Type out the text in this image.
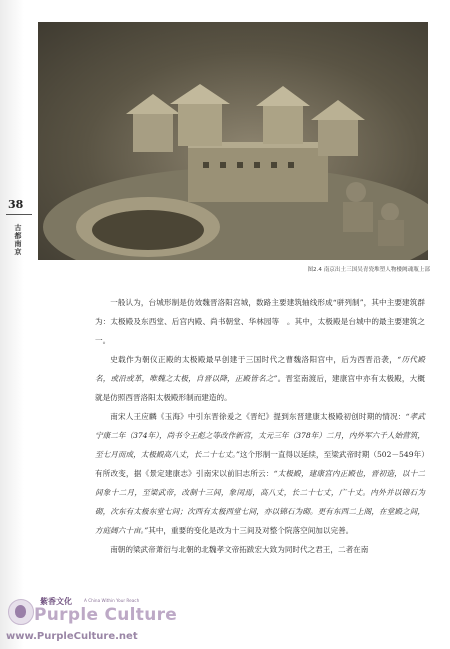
38
古都南京
图2.4 南京出土三国吴青瓷堆塑人物楼阙魂瓶上部

一般认为，台城形制是仿效魏晋洛阳宫城，数路主要建筑轴线形成“骈列制”，其中主要建筑群为：太极殿及东西堂、后宫内殿、尚书朝堂、华林园等　。其中，太极殿是台城中的最主要建筑之一。

史载作为朝仪正殿的太极殿最早创建于三国时代之曹魏洛阳宫中，后为西晋沿袭，“历代殿名，或沿或革，唯魏之太极，自晋以降，正殿皆名之”。晋室南渡后，建康宫中亦有太极殿，大概就是仿照西晋洛阳太极殿形制而建造的。

南宋人王应麟《玉海》中引东晋徐爰之《晋纪》提到东晋建康太极殿初创时期的情况：“孝武宁康二年（374年），尚书令王彪之等改作新宫，太元三年（378年）二月，内外军六千人始营筑，至七月而成，太极殿高八丈，长二十七丈。”这个形制一直得以延续，至梁武帝时期（502－549年）有所改变，据《景定建康志》引南宋以前旧志所云：“太极殿，建康宫内正殿也，晋初造，以十二间象十二月，至梁武帝，改制十三间，象闰焉，高八丈，长二十七丈，广十丈。内外并以锦石为砌，次东有太极东堂七间；次西有太极西堂七间，亦以锦石为砌。更有东西二上阁，在堂殿之间，方庭阔六十亩。”其中，重要的变化是改为十三间及对整个院落空间加以完善。

南朝的梁武帝萧衍与北朝的北魏孝文帝拓跋宏大致为同时代之君王，二者在南

紫香文化	A China Within Your Reach
Purple Culture
www.PurpleCulture.net
